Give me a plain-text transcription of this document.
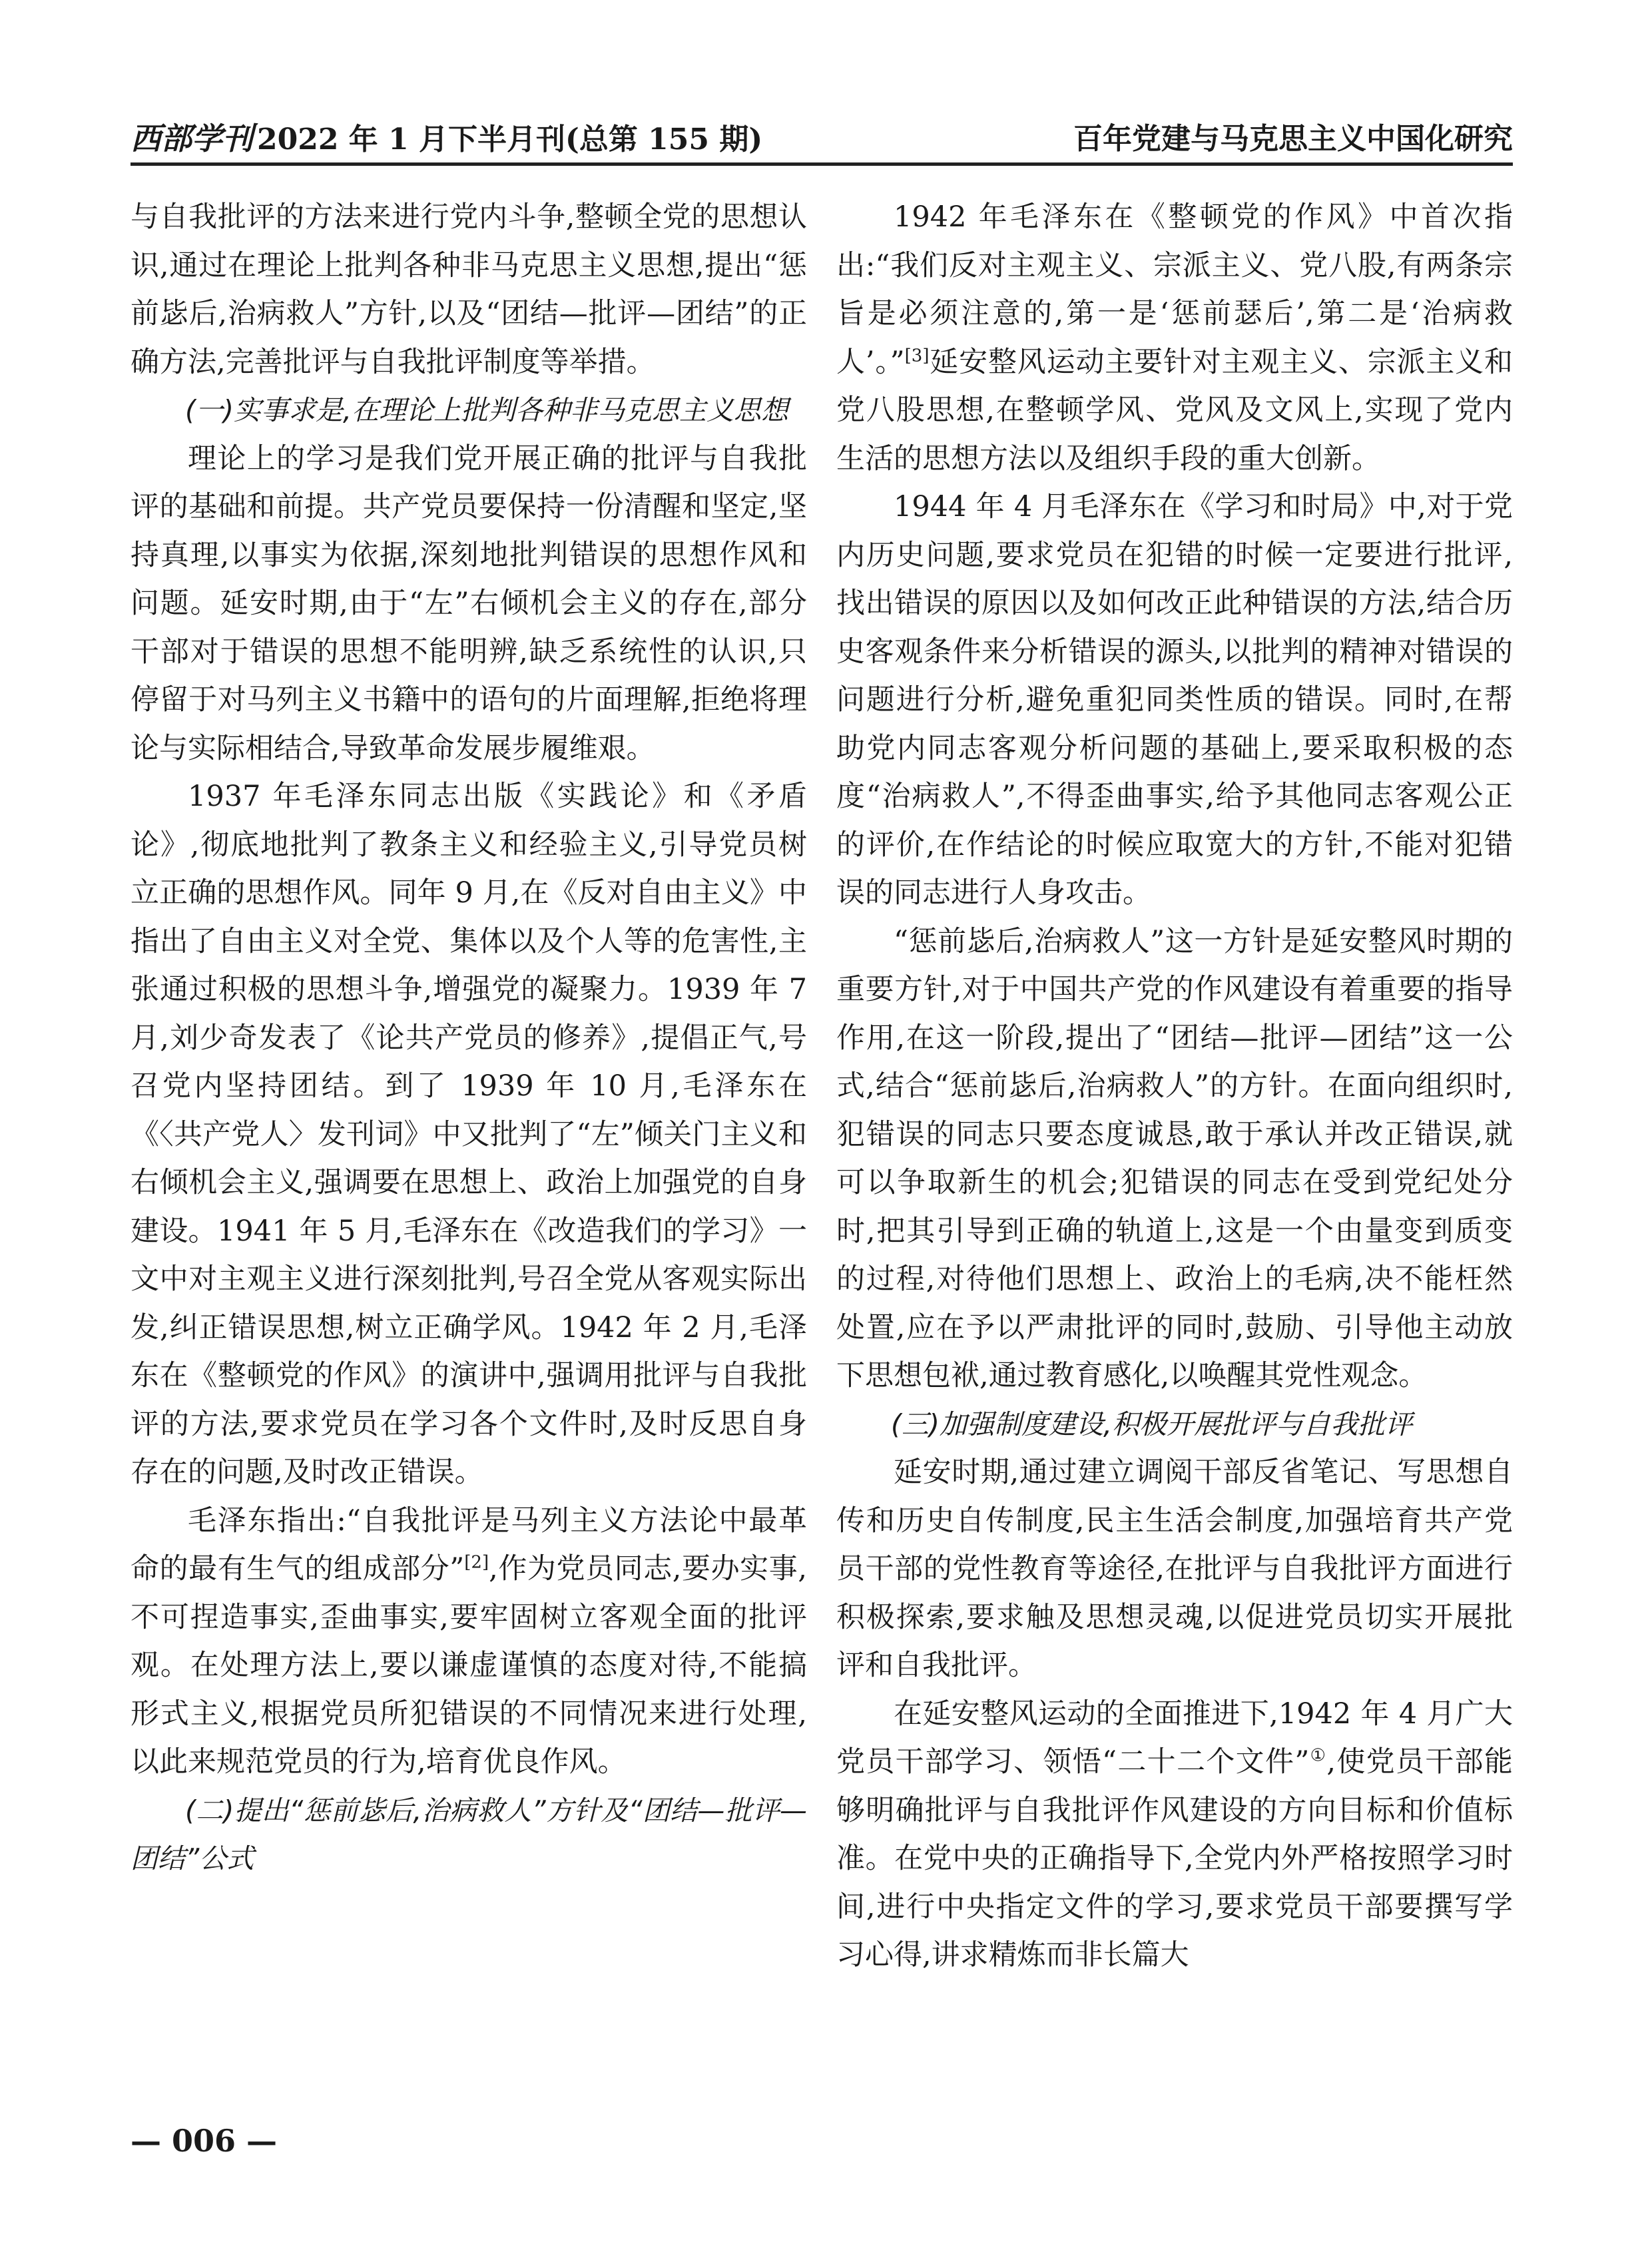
西部学刊 2022 年 1 月下半月刊(总第 155 期)	百年党建与马克思主义中国化研究

与自我批评的方法来进行党内斗争,整顿全党的思想认识,通过在理论上批判各种非马克思主义思想,提出“惩前毖后,治病救人”方针,以及“团结—批评—团结”的正确方法,完善批评与自我批评制度等举措。

(一)实事求是,在理论上批判各种非马克思主义思想

理论上的学习是我们党开展正确的批评与自我批评的基础和前提。共产党员要保持一份清醒和坚定,坚持真理,以事实为依据,深刻地批判错误的思想作风和问题。延安时期,由于“左”右倾机会主义的存在,部分干部对于错误的思想不能明辨,缺乏系统性的认识,只停留于对马列主义书籍中的语句的片面理解,拒绝将理论与实际相结合,导致革命发展步履维艰。

1937 年毛泽东同志出版《实践论》和《矛盾论》,彻底地批判了教条主义和经验主义,引导党员树立正确的思想作风。同年 9 月,在《反对自由主义》中指出了自由主义对全党、集体以及个人等的危害性,主张通过积极的思想斗争,增强党的凝聚力。1939 年 7 月,刘少奇发表了《论共产党员的修养》,提倡正气,号召党内坚持团结。到了 1939 年 10 月,毛泽东在《〈共产党人〉发刊词》中又批判了“左”倾关门主义和右倾机会主义,强调要在思想上、政治上加强党的自身建设。1941 年 5 月,毛泽东在《改造我们的学习》一文中对主观主义进行深刻批判,号召全党从客观实际出发,纠正错误思想,树立正确学风。1942 年 2 月,毛泽东在《整顿党的作风》的演讲中,强调用批评与自我批评的方法,要求党员在学习各个文件时,及时反思自身存在的问题,及时改正错误。

毛泽东指出:“自我批评是马列主义方法论中最革命的最有生气的组成部分”[2],作为党员同志,要办实事,不可捏造事实,歪曲事实,要牢固树立客观全面的批评观。在处理方法上,要以谦虚谨慎的态度对待,不能搞形式主义,根据党员所犯错误的不同情况来进行处理,以此来规范党员的行为,培育优良作风。

(二)提出“惩前毖后,治病救人”方针及“团结—批评—团结”公式

1942 年毛泽东在《整顿党的作风》中首次指出:“我们反对主观主义、宗派主义、党八股,有两条宗旨是必须注意的,第一是‘惩前瑟后’,第二是‘治病救人’。”[3]延安整风运动主要针对主观主义、宗派主义和党八股思想,在整顿学风、党风及文风上,实现了党内生活的思想方法以及组织手段的重大创新。

1944 年 4 月毛泽东在《学习和时局》中,对于党内历史问题,要求党员在犯错的时候一定要进行批评,找出错误的原因以及如何改正此种错误的方法,结合历史客观条件来分析错误的源头,以批判的精神对错误的问题进行分析,避免重犯同类性质的错误。同时,在帮助党内同志客观分析问题的基础上,要采取积极的态度“治病救人”,不得歪曲事实,给予其他同志客观公正的评价,在作结论的时候应取宽大的方针,不能对犯错误的同志进行人身攻击。

“惩前毖后,治病救人”这一方针是延安整风时期的重要方针,对于中国共产党的作风建设有着重要的指导作用,在这一阶段,提出了“团结—批评—团结”这一公式,结合“惩前毖后,治病救人”的方针。在面向组织时,犯错误的同志只要态度诚恳,敢于承认并改正错误,就可以争取新生的机会;犯错误的同志在受到党纪处分时,把其引导到正确的轨道上,这是一个由量变到质变的过程,对待他们思想上、政治上的毛病,决不能枉然处置,应在予以严肃批评的同时,鼓励、引导他主动放下思想包袱,通过教育感化,以唤醒其党性观念。

(三)加强制度建设,积极开展批评与自我批评

延安时期,通过建立调阅干部反省笔记、写思想自传和历史自传制度,民主生活会制度,加强培育共产党员干部的党性教育等途径,在批评与自我批评方面进行积极探索,要求触及思想灵魂,以促进党员切实开展批评和自我批评。

在延安整风运动的全面推进下,1942 年 4 月广大党员干部学习、领悟“二十二个文件”①,使党员干部能够明确批评与自我批评作风建设的方向目标和价值标准。在党中央的正确指导下,全党内外严格按照学习时间,进行中央指定文件的学习,要求党员干部要撰写学习心得,讲求精炼而非长篇大

— 006 —
